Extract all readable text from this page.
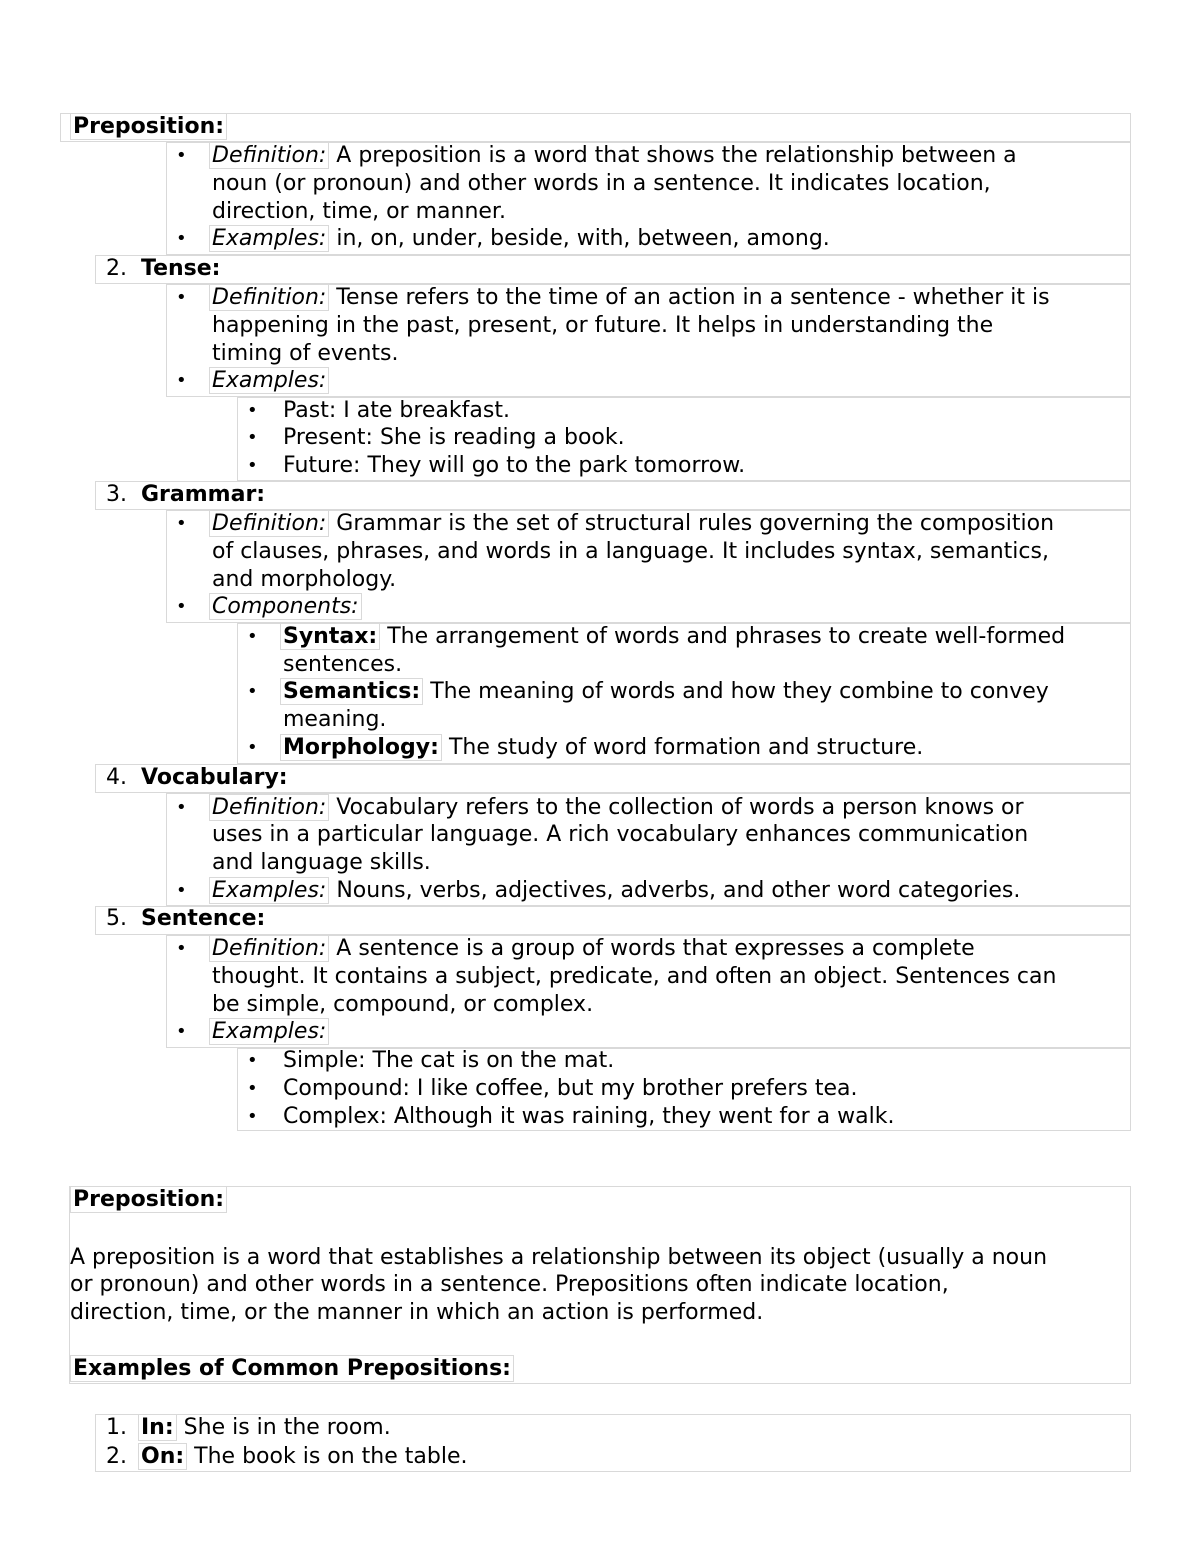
Preposition:
• Definition: A preposition is a word that shows the relationship between a
noun (or pronoun) and other words in a sentence. It indicates location,
direction, time, or manner.
• Examples: in, on, under, beside, with, between, among.
2. Tense:
• Definition: Tense refers to the time of an action in a sentence - whether it is
happening in the past, present, or future. It helps in understanding the
timing of events.
• Examples:
• Past: I ate breakfast.
• Present: She is reading a book.
• Future: They will go to the park tomorrow.
3. Grammar:
• Definition: Grammar is the set of structural rules governing the composition
of clauses, phrases, and words in a language. It includes syntax, semantics,
and morphology.
• Components:
• Syntax: The arrangement of words and phrases to create well-formed
sentences.
• Semantics: The meaning of words and how they combine to convey
meaning.
• Morphology: The study of word formation and structure.
4. Vocabulary:
• Definition: Vocabulary refers to the collection of words a person knows or
uses in a particular language. A rich vocabulary enhances communication
and language skills.
• Examples: Nouns, verbs, adjectives, adverbs, and other word categories.
5. Sentence:
• Definition: A sentence is a group of words that expresses a complete
thought. It contains a subject, predicate, and often an object. Sentences can
be simple, compound, or complex.
• Examples:
• Simple: The cat is on the mat.
• Compound: I like coffee, but my brother prefers tea.
• Complex: Although it was raining, they went for a walk.
Preposition:
A preposition is a word that establishes a relationship between its object (usually a noun
or pronoun) and other words in a sentence. Prepositions often indicate location,
direction, time, or the manner in which an action is performed.
Examples of Common Prepositions:
1. In: She is in the room.
2. On: The book is on the table.
